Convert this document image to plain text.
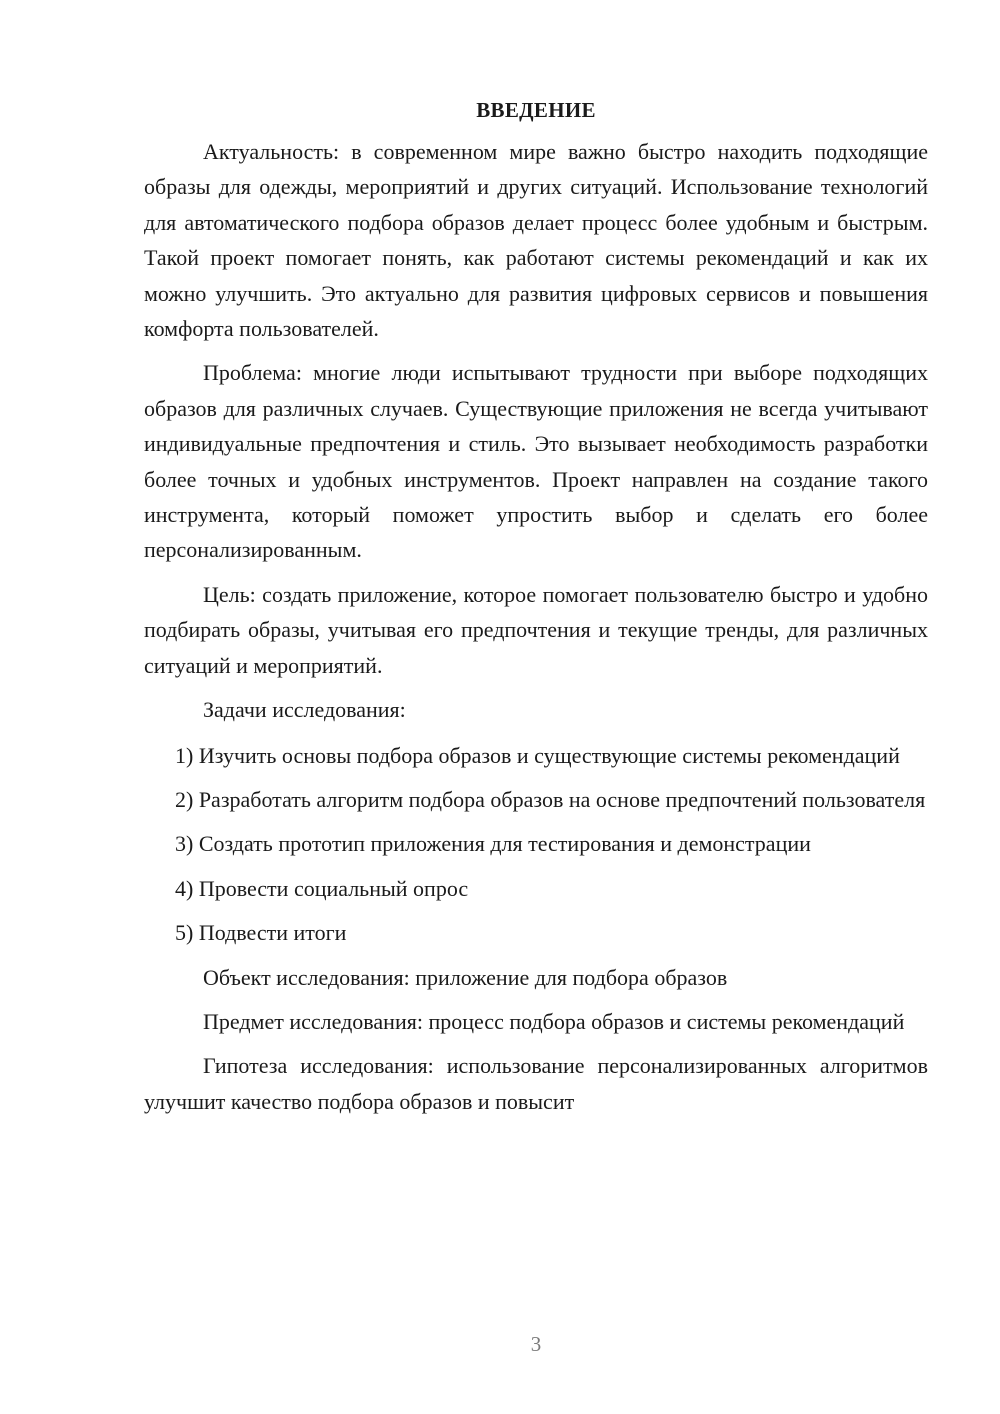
ВВЕДЕНИЕ

Актуальность: в современном мире важно быстро находить подходящие образы для одежды, мероприятий и других ситуаций. Использование технологий для автоматического подбора образов делает процесс более удобным и быстрым. Такой проект помогает понять, как работают системы рекомендаций и как их можно улучшить. Это актуально для развития цифровых сервисов и повышения комфорта пользователей.

Проблема: многие люди испытывают трудности при выборе подходящих образов для различных случаев. Существующие приложения не всегда учитывают индивидуальные предпочтения и стиль. Это вызывает необходимость разработки более точных и удобных инструментов. Проект направлен на создание такого инструмента, который поможет упростить выбор и сделать его более персонализированным.

Цель: создать приложение, которое помогает пользователю быстро и удобно подбирать образы, учитывая его предпочтения и текущие тренды, для различных ситуаций и мероприятий.

Задачи исследования:

1) Изучить основы подбора образов и существующие системы рекомендаций

2) Разработать алгоритм подбора образов на основе предпочтений пользователя

3) Создать прототип приложения для тестирования и демонстрации

4) Провести социальный опрос

5) Подвести итоги

Объект исследования: приложение для подбора образов

Предмет исследования: процесс подбора образов и системы рекомендаций

Гипотеза исследования: использование персонализированных алгоритмов улучшит качество подбора образов и повысит

3
